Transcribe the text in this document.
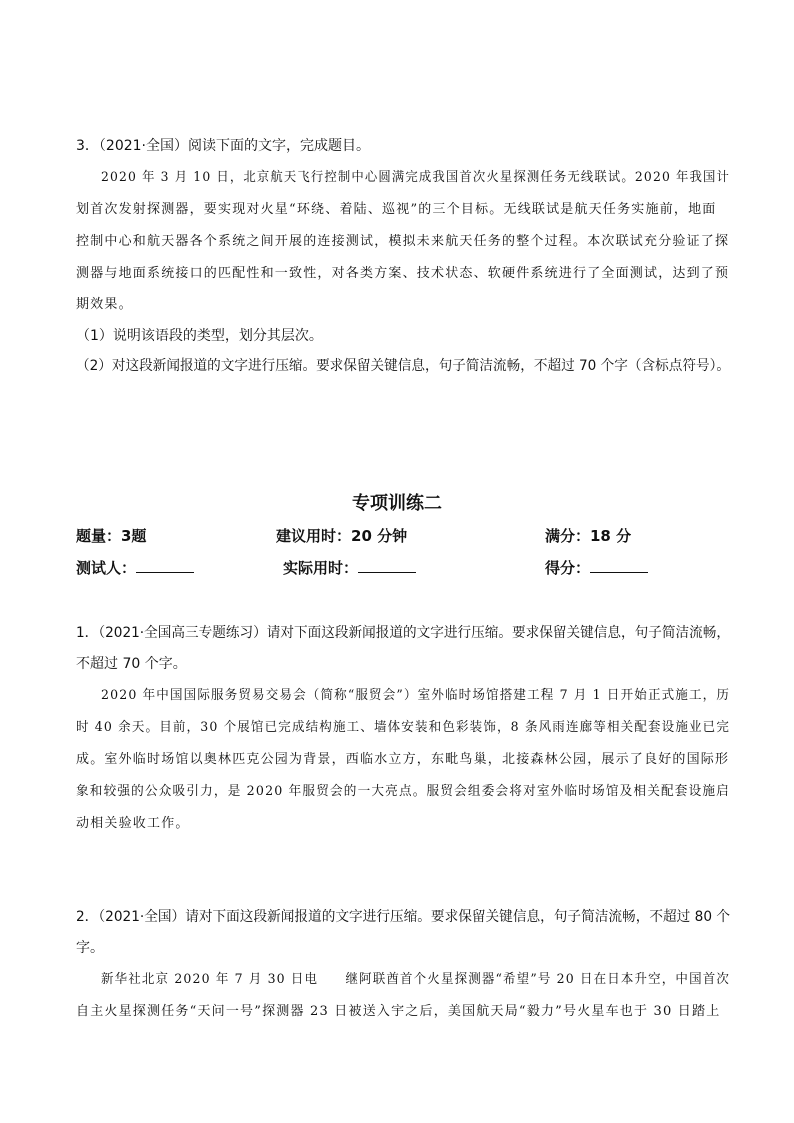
3．（2021·全国）阅读下面的文字，完成题目。
2020 年 3 月 10 日，北京航天飞行控制中心圆满完成我国首次火星探测任务无线联试。2020 年我国计
划首次发射探测器，要实现对火星“环绕、着陆、巡视”的三个目标。无线联试是航天任务实施前，地面
控制中心和航天器各个系统之间开展的连接测试，模拟未来航天任务的整个过程。本次联试充分验证了探
测器与地面系统接口的匹配性和一致性，对各类方案、技术状态、软硬件系统进行了全面测试，达到了预
期效果。
（1）说明该语段的类型，划分其层次。
（2）对这段新闻报道的文字进行压缩。要求保留关键信息，句子简洁流畅，不超过 70 个字（含标点符号）。
专项训练二
题量：3题	建议用时：20 分钟	满分：18 分
测试人：	实际用时：	得分：
1．（2021·全国高三专题练习）请对下面这段新闻报道的文字进行压缩。要求保留关键信息，句子简洁流畅，
不超过 70 个字。
2020 年中国国际服务贸易交易会（简称“服贸会”）室外临时场馆搭建工程 7 月 1 日开始正式施工，历
时 40 余天。目前，30 个展馆已完成结构施工、墙体安装和色彩装饰，8 条风雨连廊等相关配套设施业已完
成。室外临时场馆以奥林匹克公园为背景，西临水立方，东毗鸟巢，北接森林公园，展示了良好的国际形
象和较强的公众吸引力，是 2020 年服贸会的一大亮点。服贸会组委会将对室外临时场馆及相关配套设施启
动相关验收工作。
2．（2021·全国）请对下面这段新闻报道的文字进行压缩。要求保留关键信息，句子简洁流畅，不超过 80 个
字。
新华社北京 2020 年 7 月 30 日电　　继阿联酋首个火星探测器“希望”号 20 日在日本升空，中国首次
自主火星探测任务“天问一号”探测器 23 日被送入宇之后，美国航天局“毅力”号火星车也于 30 日踏上
